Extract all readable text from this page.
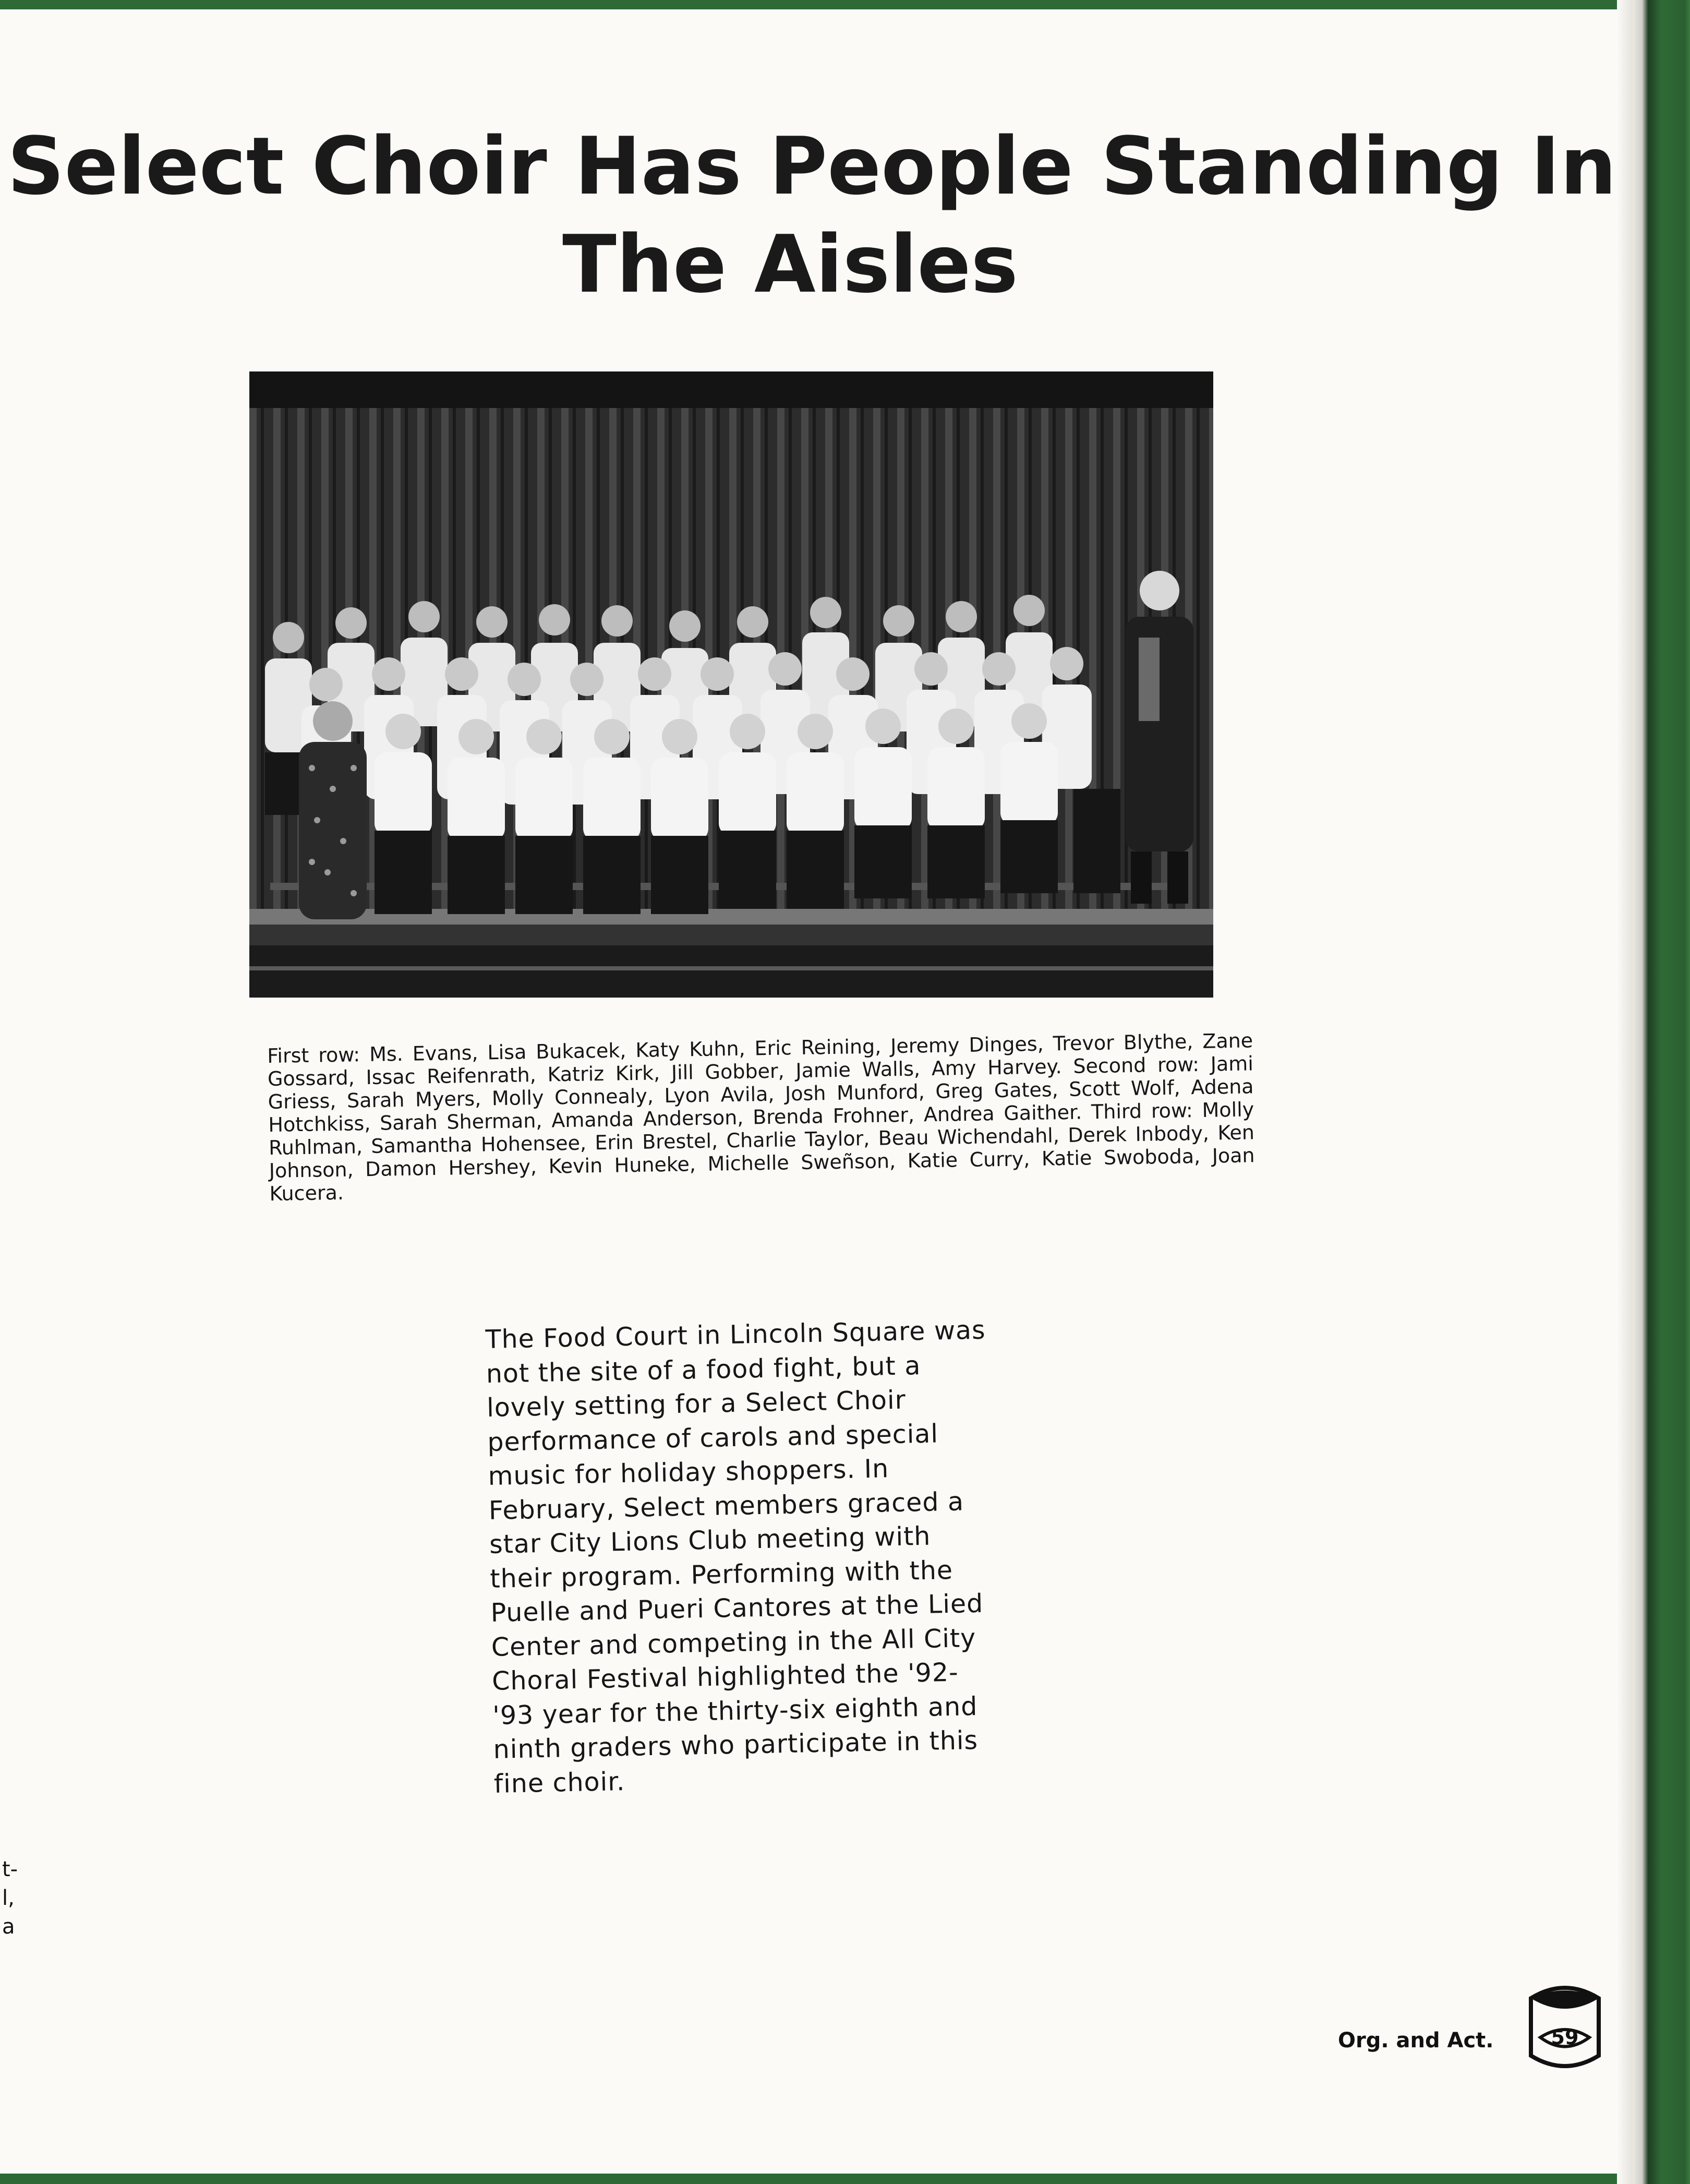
Select Choir Has People Standing In
The Aisles

First row: Ms. Evans, Lisa Bukacek, Katy Kuhn, Eric Reining, Jeremy Dinges, Trevor Blythe, Zane Gossard, Issac Reifenrath, Katriz Kirk, Jill Gobber, Jamie Walls, Amy Harvey. Second row: Jami Griess, Sarah Myers, Molly Connealy, Lyon Avila, Josh Munford, Greg Gates, Scott Wolf, Adena Hotchkiss, Sarah Sherman, Amanda Anderson, Brenda Frohner, Andrea Gaither. Third row: Molly Ruhlman, Samantha Hohensee, Erin Brestel, Charlie Taylor, Beau Wichendahl, Derek Inbody, Ken Johnson, Damon Hershey, Kevin Huneke, Michelle Sweñson, Katie Curry, Katie Swoboda, Joan Kucera.

The Food Court in Lincoln Square was not the site of a food fight, but a lovely setting for a Select Choir performance of carols and special music for holiday shoppers. In February, Select members graced a star City Lions Club meeting with their program. Performing with the Puelle and Pueri Cantores at the Lied Center and competing in the All City Choral Festival highlighted the '92-'93 year for the thirty-six eighth and ninth graders who participate in this fine choir.

Org. and Act.	59
t-
l,
a
